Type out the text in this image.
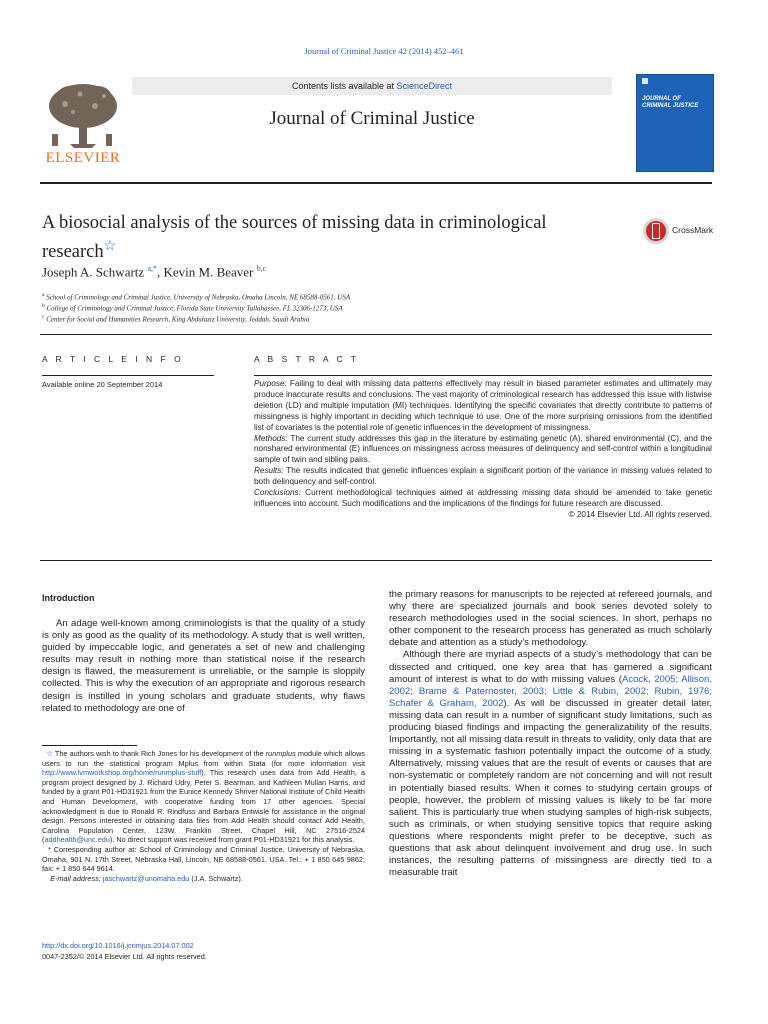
Journal of Criminal Justice 42 (2014) 452–461
ELSEVIER
Contents lists available at ScienceDirect
Journal of Criminal Justice
JOURNAL OF CRIMINAL JUSTICE
A biosocial analysis of the sources of missing data in criminological research☆
CrossMark
Joseph A. Schwartz $^{a,*}$, Kevin M. Beaver $^{b,c}$
$^a$ School of Criminology and Criminal Justice, University of Nebraska, Omaha Lincoln, NE 68588-0561, USA
$^b$ College of Criminology and Criminal Justice, Florida State University Tallahassee, FL 32306-1273, USA
$^c$ Center for Social and Humanities Research, King Abdulaziz University, Jeddah, Saudi Arabia
A R T I C L E I N F O
Available online 20 September 2014
A B S T R A C T

Purpose: Failing to deal with missing data patterns effectively may result in biased parameter estimates and ultimately may produce inaccurate results and conclusions. The vast majority of criminological research has addressed this issue with listwise deletion (LD) and multiple imputation (MI) techniques. Identifying the specific covariates that directly contribute to patterns of missingness is highly important in deciding which technique to use. One of the more surprising omissions from the identified list of covariates is the potential role of genetic influences in the development of missingness.

Methods: The current study addresses this gap in the literature by estimating genetic (A), shared environmental (C), and the nonshared environmental (E) influences on missingness across measures of delinquency and self-control within a longitudinal sample of twin and sibling pairs.

Results: The results indicated that genetic influences explain a significant portion of the variance in missing values related to both delinquency and self-control.

Conclusions: Current methodological techniques aimed at addressing missing data should be amended to take genetic influences into account. Such modifications and the implications of the findings for future research are discussed.

© 2014 Elsevier Ltd. All rights reserved.

Introduction

An adage well-known among criminologists is that the quality of a study is only as good as the quality of its methodology. A study that is well written, guided by impeccable logic, and generates a set of new and challenging results may result in nothing more than statistical noise if the research design is flawed, the measurement is unreliable, or the sample is sloppily collected. This is why the execution of an appropriate and rigorous research design is instilled in young scholars and graduate students, why flaws related to methodology are one of

the primary reasons for manuscripts to be rejected at refereed journals, and why there are specialized journals and book series devoted solely to research methodologies used in the social sciences. In short, perhaps no other component to the research process has generated as much scholarly debate and attention as a study’s methodology.

Although there are myriad aspects of a study’s methodology that can be dissected and critiqued, one key area that has garnered a significant amount of interest is what to do with missing values (Acock, 2005; Allison, 2002; Brame & Paternoster, 2003; Little & Rubin, 2002; Rubin, 1976; Schafer & Graham, 2002). As will be discussed in greater detail later, missing data can result in a number of significant study limitations, such as producing biased findings and impacting the generalizability of the results. Importantly, not all missing data result in threats to validity, only data that are missing in a systematic fashion potentially impact the outcome of a study. Alternatively, missing values that are the result of events or causes that are non-systematic or completely random are not concerning and will not result in potentially biased results. When it comes to studying certain groups of people, however, the problem of missing values is likely to be far more salient. This is particularly true when studying samples of high-risk subjects, such as criminals, or when studying sensitive topics that require asking questions where respondents might prefer to be deceptive, such as questions that ask about delinquent involvement and drug use. In such instances, the resulting patterns of missingness are directly tied to a measurable trait

☆ The authors wish to thank Rich Jones for his development of the runmplus module which allows users to run the statistical program Mplus from within Stata (for more information visit http://www.lvmworkshop.org/home/runmplus-stuff). This research uses data from Add Health, a program project designed by J. Richard Udry, Peter S. Bearman, and Kathleen Mullan Harris, and funded by a grant P01-HD31921 from the Eunice Kennedy Shriver National Institute of Child Health and Human Development, with cooperative funding from 17 other agencies. Special acknowledgment is due to Ronald R. Rindfuss and Barbara Entwisle for assistance in the original design. Persons interested in obtaining data files from Add Health should contact Add Health, Carolina Population Center, 123W. Franklin Street, Chapel Hill, NC 27516-2524 (addhealth@unc.edu). No direct support was received from grant P01-HD31921 for this analysis.

* Corresponding author at: School of Criminology and Criminal Justice, University of Nebraska, Omaha, 901 N. 17th Street, Nebraska Hall, Lincoln, NE 68588-0561, USA. Tel.: + 1 850 645 9862; fax: + 1 850 644 9614.

E-mail address: jaschwartz@unomaha.edu (J.A. Schwartz).

http://dx.doi.org/10.1016/j.jcrimjus.2014.07.002
0047-2352/© 2014 Elsevier Ltd. All rights reserved.
